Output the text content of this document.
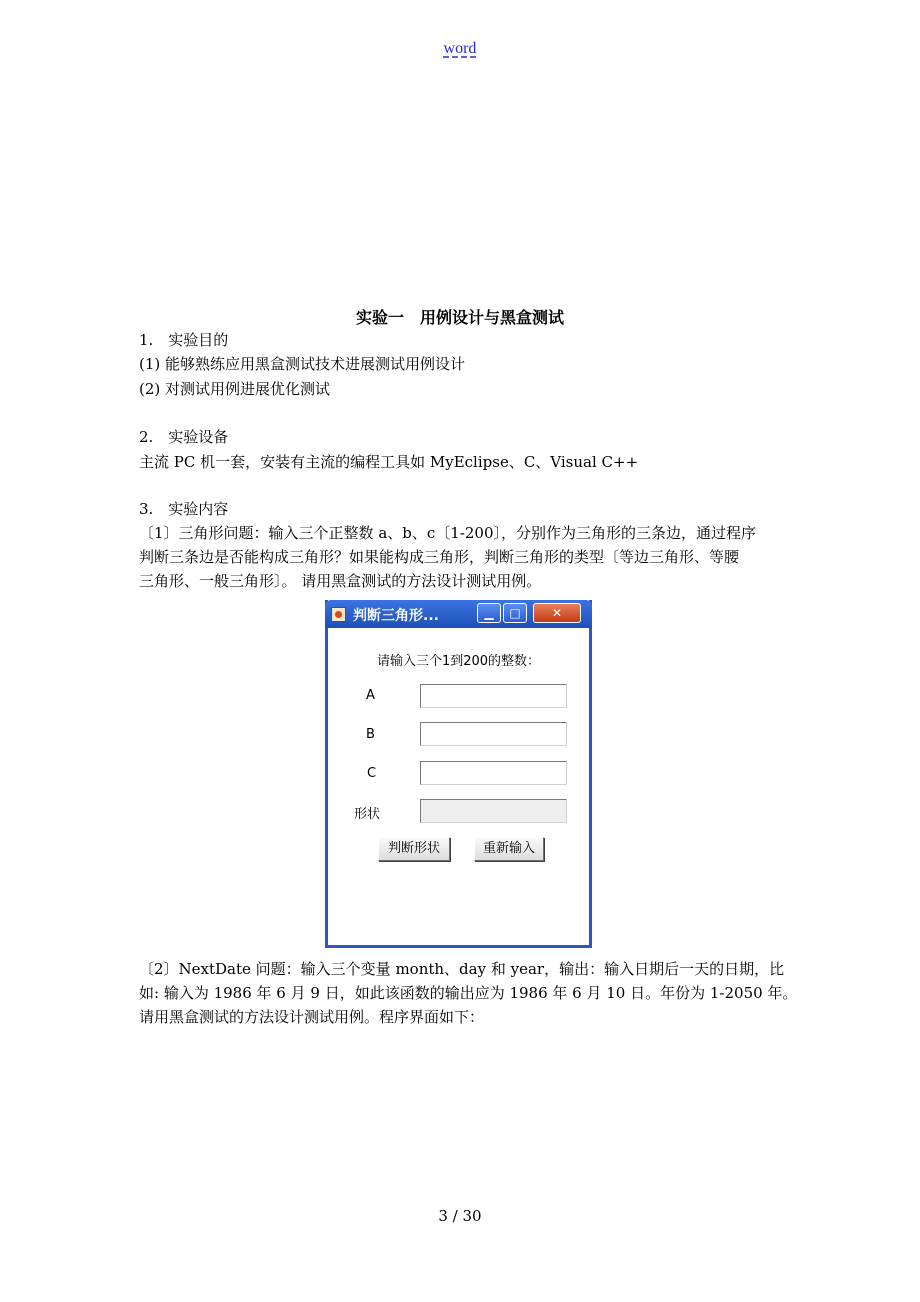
word
实验一　用例设计与黑盒测试
1.　实验目的
(1) 能够熟练应用黑盒测试技术进展测试用例设计
(2) 对测试用例进展优化测试
2.　实验设备
主流 PC 机一套，安装有主流的编程工具如 MyEclipse、C、Visual C++
3.　实验内容

〔1〕三角形问题：输入三个正整数 a、b、c〔1-200〕，分别作为三角形的三条边，通过程序

判断三条边是否能构成三角形？如果能构成三角形，判断三角形的类型〔等边三角形、等腰

三角形、一般三角形〕。 请用黑盒测试的方法设计测试用例。

判断三角形...	▁	□	✕
请输入三个1到200的整数：
A
B
C
形状
判断形状	重新输入

〔2〕NextDate 问题：输入三个变量 month、day 和 year，输出：输入日期后一天的日期，比

如: 输入为 1986 年 6 月 9 日，如此该函数的输出应为 1986 年 6 月 10 日。年份为 1-2050 年。

请用黑盒测试的方法设计测试用例。程序界面如下：

3 / 30
